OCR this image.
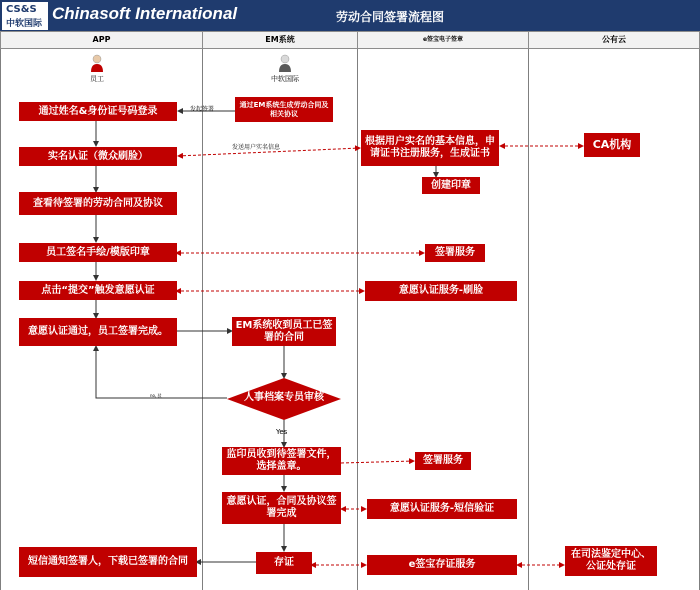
CS&S
中软国际
Chinasoft International	劳动合同签署流程图
APP	EM系统	e签宝电子签章	公有云
员工	中软国际
通过姓名&身份证号码登录
实名认证（微众刷脸）
查看待签署的劳动合同及协议
员工签名手绘/模版印章
点击“提交”触发意愿认证
意愿认证通过，员工签署完成。
短信通知签署人，下载已签署的合同
通过EM系统生成劳动合同及相关协议
EM系统收到员工已签署的合同
人事档案专员审核
监印员收到待签署文件，选择盖章。
意愿认证，合同及协议签署完成
存证
根据用户实名的基本信息，申请证书注册服务，生成证书
创建印章
签署服务
意愿认证服务-刷脸
签署服务
意愿认证服务-短信验证
e签宝存证服务
CA机构
在司法鉴定中心、公证处存证
发起签署
发送用户实名信息
Yes
no, 驳
